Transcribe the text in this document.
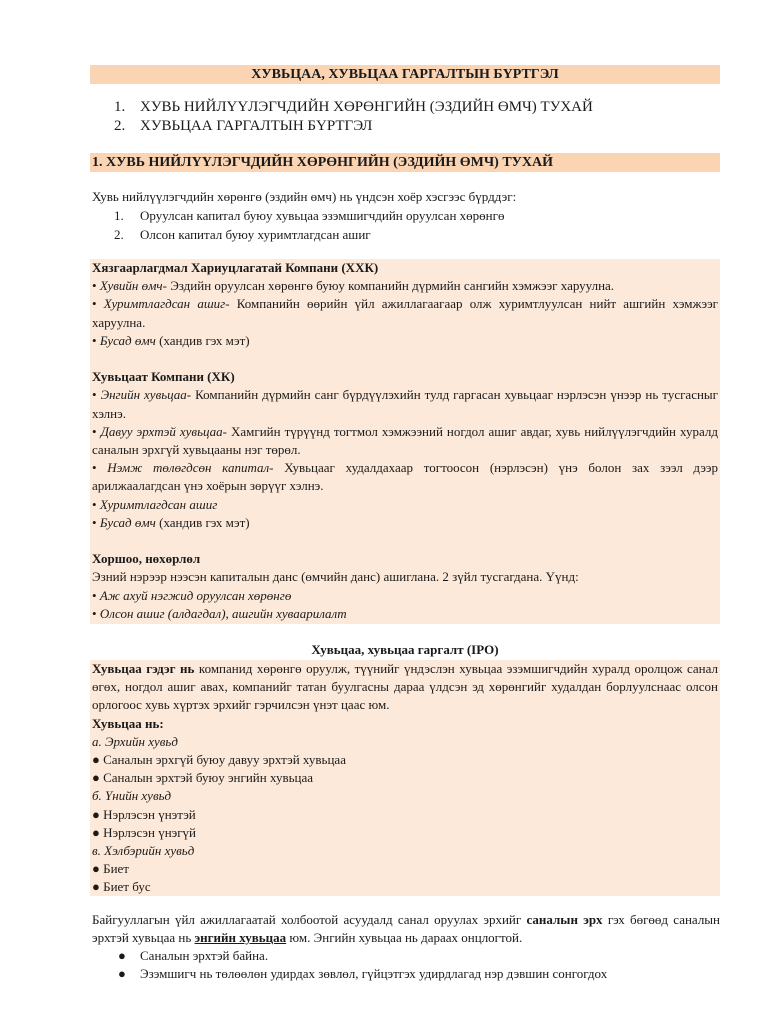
ХУВЬЦАА, ХУВЬЦАА ГАРГАЛТЫН БҮРТГЭЛ
1. ХУВЬ НИЙЛҮҮЛЭГЧДИЙН ХӨРӨНГИЙН (ЭЗДИЙН ӨМЧ) ТУХАЙ
2. ХУВЬЦАА ГАРГАЛТЫН БҮРТГЭЛ
1. ХУВЬ НИЙЛҮҮЛЭГЧДИЙН ХӨРӨНГИЙН (ЭЗДИЙН ӨМЧ) ТУХАЙ
Хувь нийлүүлэгчдийн хөрөнгө (эздийн өмч) нь үндсэн хоёр хэсгээс бүрддэг:
1. Оруулсан капитал буюу хувьцаа эзэмшигчдийн оруулсан хөрөнгө
2. Олсон капитал буюу хуримтлагдсан ашиг
Хязгаарлагдмал Хариуцлагатай Компани (ХХК)
• Хувийн өмч- Эздийн оруулсан хөрөнгө буюу компанийн дүрмийн сангийн хэмжээг харуулна.
• Хуримтлагдсан ашиг- Компанийн өөрийн үйл ажиллагаагаар олж хуримтлуулсан нийт ашгийн хэмжээг харуулна.
• Бусад өмч (хандив гэх мэт)
Хувьцаат Компани (ХК)
• Энгийн хувьцаа- Компанийн дүрмийн санг бүрдүүлэхийн тулд гаргасан хувьцааг нэрлэсэн үнээр нь тусгасныг хэлнэ.
• Давуу эрхтэй хувьцаа- Хамгийн түрүүнд тогтмол хэмжээний ногдол ашиг авдаг, хувь нийлүүлэгчдийн хуралд саналын эрхгүй хувьцааны нэг төрөл.
• Нэмж төлөгдсөн капитал- Хувьцааг худалдахаар тогтоосон (нэрлэсэн) үнэ болон зах зээл дээр арилжаалагдсан үнэ хоёрын зөрүүг хэлнэ.
• Хуримтлагдсан ашиг
• Бусад өмч (хандив гэх мэт)
Хоршоо, нөхөрлөл
Эзний нэрээр нээсэн капиталын данс (өмчийн данс) ашиглана. 2 зүйл тусгагдана. Үүнд:
• Аж ахуй нэгжид оруулсан хөрөнгө
• Олсон ашиг (алдагдал), ашгийн хуваарилалт
Хувьцаа, хувьцаа гаргалт (IPO)
Хувьцаа гэдэг нь компанид хөрөнгө оруулж, түүнийг үндэслэн хувьцаа эзэмшигчдийн хуралд оролцож санал өгөх, ногдол ашиг авах, компанийг татан буулгасны дараа үлдсэн эд хөрөнгийг худалдан борлуулснаас олсон орлогоос хувь хүртэх эрхийг гэрчилсэн үнэт цаас юм.
Хувьцаа нь:
а. Эрхийн хувьд
● Саналын эрхгүй буюу давуу эрхтэй хувьцаа
● Саналын эрхтэй буюу энгийн хувьцаа
б. Үнийн хувьд
● Нэрлэсэн үнэтэй
● Нэрлэсэн үнэгүй
в. Хэлбэрийн хувьд
● Биет
● Биет бус
Байгууллагын үйл ажиллагаатай холбоотой асуудалд санал оруулах эрхийг саналын эрх гэх бөгөөд саналын эрхтэй хувьцаа нь энгийн хувьцаа юм. Энгийн хувьцаа нь дараах онцлогтой.
● Саналын эрхтэй байна.
● Эзэмшигч нь төлөөлөн удирдах зөвлөл, гүйцэтгэх удирдлагад нэр дэвшин сонгогдох
